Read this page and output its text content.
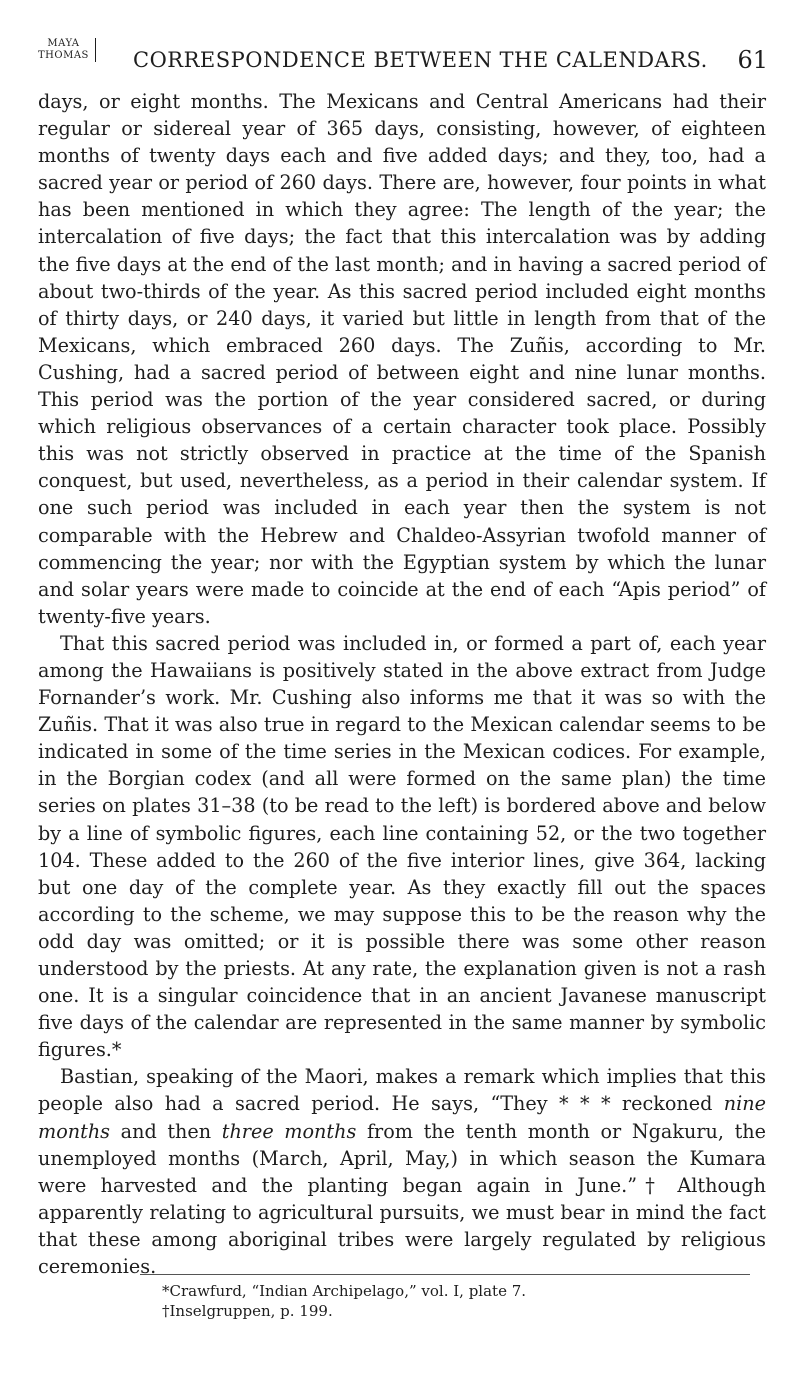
MAYA
THOMAS CORRESPONDENCE BETWEEN THE CALENDARS. 61

days, or eight months. The Mexicans and Central Americans had their regular or sidereal year of 365 days, consisting, however, of eighteen months of twenty days each and five added days; and they, too, had a sacred year or period of 260 days. There are, however, four points in what has been mentioned in which they agree: The length of the year; the intercalation of five days; the fact that this intercalation was by adding the five days at the end of the last month; and in having a sacred period of about two-thirds of the year. As this sacred period included eight months of thirty days, or 240 days, it varied but little in length from that of the Mexicans, which embraced 260 days. The Zuñis, according to Mr. Cushing, had a sacred period of between eight and nine lunar months. This period was the portion of the year considered sacred, or during which religious observances of a certain character took place. Possibly this was not strictly observed in practice at the time of the Spanish conquest, but used, nevertheless, as a period in their calendar system. If one such period was included in each year then the system is not comparable with the Hebrew and Chaldeo-Assyrian twofold manner of commencing the year; nor with the Egyptian system by which the lunar and solar years were made to coincide at the end of each “Apis period” of twenty-five years.

That this sacred period was included in, or formed a part of, each year among the Hawaiians is positively stated in the above extract from Judge Fornander’s work. Mr. Cushing also informs me that it was so with the Zuñis. That it was also true in regard to the Mexican calendar seems to be indicated in some of the time series in the Mexican codices. For example, in the Borgian codex (and all were formed on the same plan) the time series on plates 31–38 (to be read to the left) is bordered above and below by a line of symbolic figures, each line containing 52, or the two together 104. These added to the 260 of the five interior lines, give 364, lacking but one day of the complete year. As they exactly fill out the spaces according to the scheme, we may suppose this to be the reason why the odd day was omitted; or it is possible there was some other reason understood by the priests. At any rate, the explanation given is not a rash one. It is a singular coincidence that in an ancient Javanese manuscript five days of the calendar are represented in the same manner by symbolic figures.*

Bastian, speaking of the Maori, makes a remark which implies that this people also had a sacred period. He says, “They * * * reckoned nine months and then three months from the tenth month or Ngakuru, the unemployed months (March, April, May,) in which season the Kumara were harvested and the planting began again in June.”† Although apparently relating to agricultural pursuits, we must bear in mind the fact that these among aboriginal tribes were largely regulated by religious ceremonies.

*Crawfurd, “Indian Archipelago,” vol. I, plate 7.
†Inselgruppen, p. 199.
